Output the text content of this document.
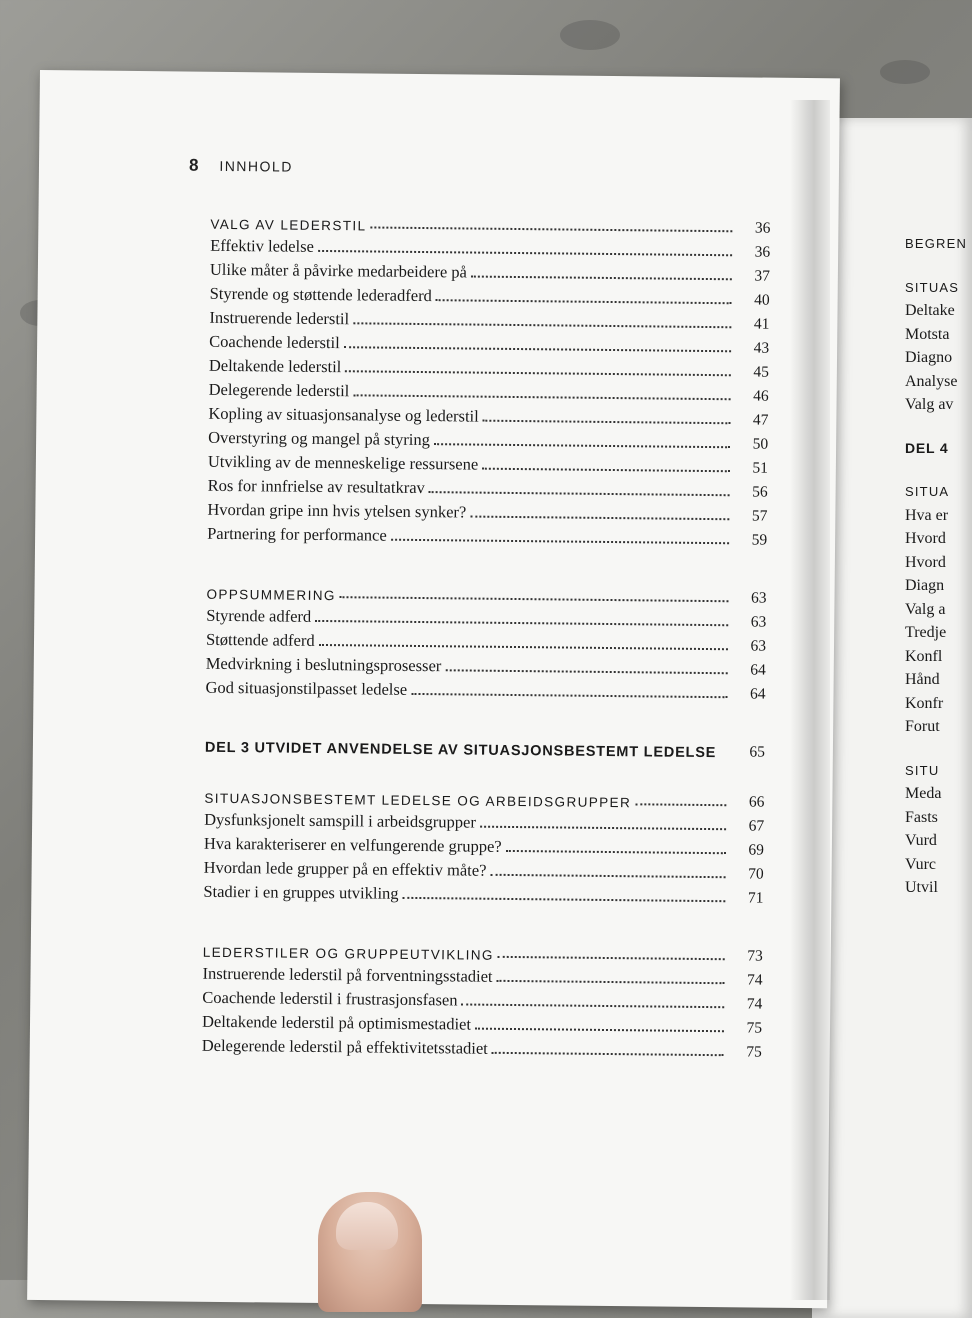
BEGREN
SITUAS
Deltake
Motsta
Diagno
Analyse
Valg av
DEL 4
SITUA
Hva er
Hvord
Hvord
Diagn
Valg a
Tredje
Konfl
Hånd
Konfr
Forut
SITU
Meda
Fasts
Vurd
Vurc
Utvil
8 INNHOLD
VALG AV LEDERSTIL	36
Effektiv ledelse	36
Ulike måter å påvirke medarbeidere på	37
Styrende og støttende lederadferd	40
Instruerende lederstil	41
Coachende lederstil	43
Deltakende lederstil	45
Delegerende lederstil	46
Kopling av situasjonsanalyse og lederstil	47
Overstyring og mangel på styring	50
Utvikling av de menneskelige ressursene	51
Ros for innfrielse av resultatkrav	56
Hvordan gripe inn hvis ytelsen synker?	57
Partnering for performance	59
OPPSUMMERING	63
Styrende adferd	63
Støttende adferd	63
Medvirkning i beslutningsprosesser	64
God situasjonstilpasset ledelse	64
DEL 3 UTVIDET ANVENDELSE AV SITUASJONSBESTEMT LEDELSE	65
SITUASJONSBESTEMT LEDELSE OG ARBEIDSGRUPPER	66
Dysfunksjonelt samspill i arbeidsgrupper	67
Hva karakteriserer en velfungerende gruppe?	69
Hvordan lede grupper på en effektiv måte?	70
Stadier i en gruppes utvikling	71
LEDERSTILER OG GRUPPEUTVIKLING	73
Instruerende lederstil på forventningsstadiet	74
Coachende lederstil i frustrasjonsfasen	74
Deltakende lederstil på optimismestadiet	75
Delegerende lederstil på effektivitetsstadiet	75
